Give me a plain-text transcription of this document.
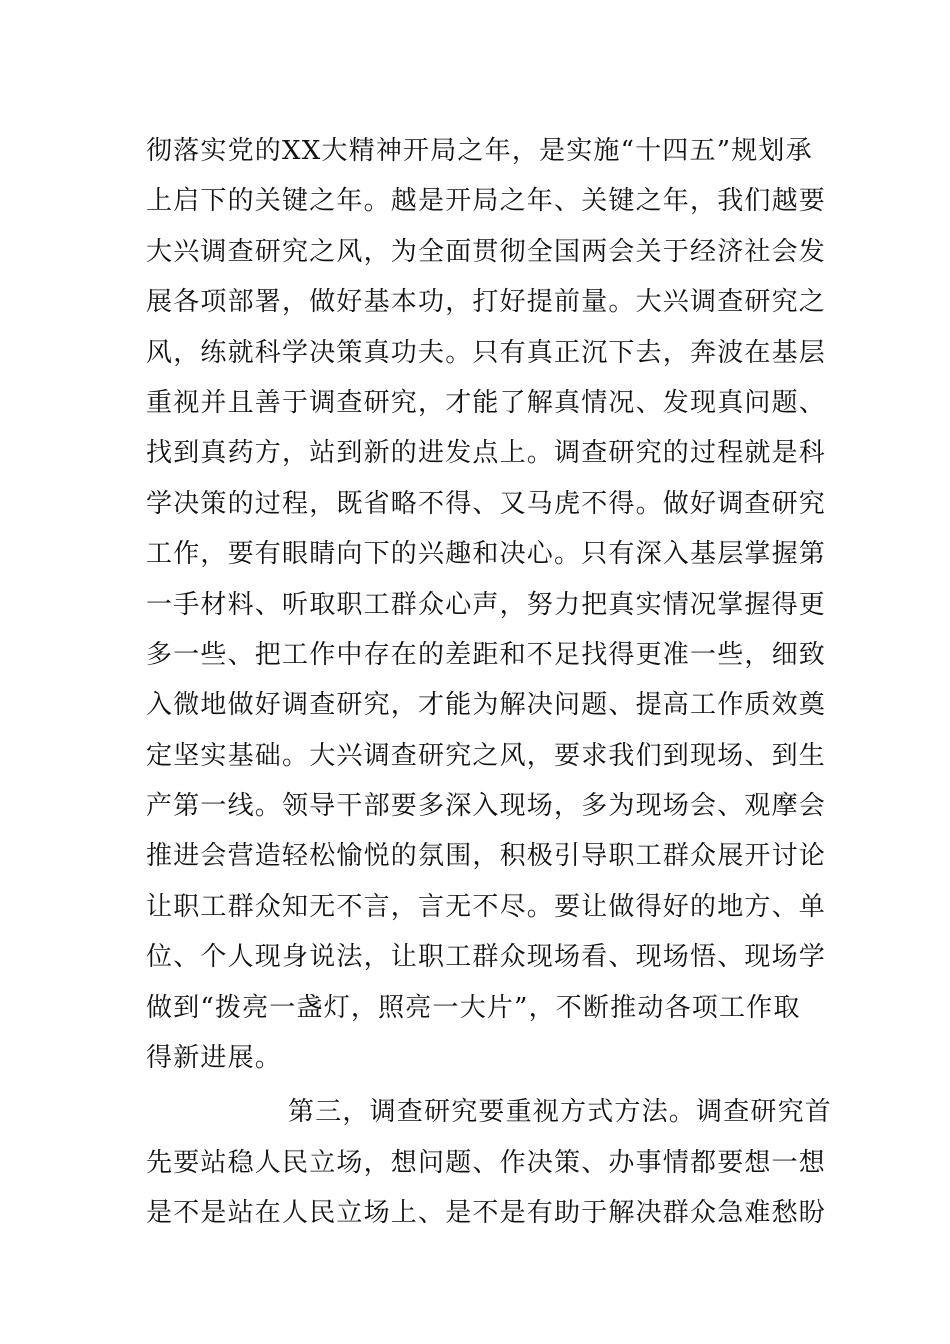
彻落实党的XX大精神开局之年，是实施“十四五”规划承
上启下的关键之年。越是开局之年、关键之年，我们越要
大兴调查研究之风，为全面贯彻全国两会关于经济社会发
展各项部署，做好基本功，打好提前量。大兴调查研究之
风，练就科学决策真功夫。只有真正沉下去，奔波在基层
重视并且善于调查研究，才能了解真情况、发现真问题、
找到真药方，站到新的进发点上。调查研究的过程就是科
学决策的过程，既省略不得、又马虎不得。做好调查研究
工作，要有眼睛向下的兴趣和决心。只有深入基层掌握第
一手材料、听取职工群众心声，努力把真实情况掌握得更
多一些、把工作中存在的差距和不足找得更准一些，细致
入微地做好调查研究，才能为解决问题、提高工作质效奠
定坚实基础。大兴调查研究之风，要求我们到现场、到生
产第一线。领导干部要多深入现场，多为现场会、观摩会
推进会营造轻松愉悦的氛围，积极引导职工群众展开讨论
让职工群众知无不言，言无不尽。要让做得好的地方、单
位、个人现身说法，让职工群众现场看、现场悟、现场学
做到“拨亮一盏灯，照亮一大片”，不断推动各项工作取
得新进展。
第三，调查研究要重视方式方法。调查研究首
先要站稳人民立场，想问题、作决策、办事情都要想一想
是不是站在人民立场上、是不是有助于解决群众急难愁盼
